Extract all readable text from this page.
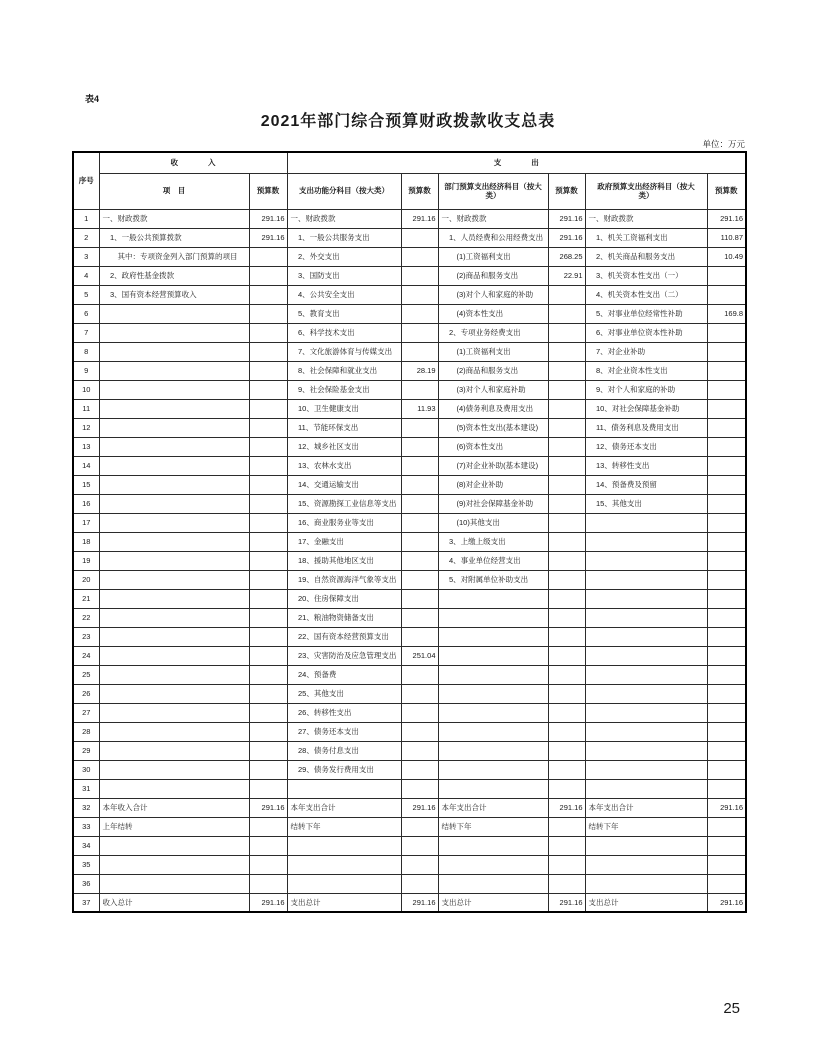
表4
2021年部门综合预算财政拨款收支总表
单位：万元
序号	收　　　　入		支　　　　出					
	项　目	预算数	支出功能分科目（按大类）	预算数	部门预算支出经济科目（按大类）	预算数	政府预算支出经济科目（按大类）	预算数
1	一、财政拨款	291.16	一、财政拨款	291.16	一、财政拨款	291.16	一、财政拨款	291.16
2	　1、一般公共预算拨款	291.16	　1、一般公共服务支出		　1、人员经费和公用经费支出	291.16	　1、机关工资福利支出	110.87
3	　　其中：专项资金列入部门预算的项目		　2、外交支出		　　(1)工资福利支出	268.25	　2、机关商品和服务支出	10.49
4	　2、政府性基金拨款		　3、国防支出		　　(2)商品和服务支出	22.91	　3、机关资本性支出（一）	
5	　3、国有资本经营预算收入		　4、公共安全支出		　　(3)对个人和家庭的补助		　4、机关资本性支出（二）	
6			　5、教育支出		　　(4)资本性支出		　5、对事业单位经常性补助	169.8
7			　6、科学技术支出		　2、专项业务经费支出		　6、对事业单位资本性补助	
8			　7、文化旅游体育与传媒支出		　　(1)工资福利支出		　7、对企业补助	
9			　8、社会保障和就业支出	28.19	　　(2)商品和服务支出		　8、对企业资本性支出	
10			　9、社会保险基金支出		　　(3)对个人和家庭补助		　9、对个人和家庭的补助	
11			　10、卫生健康支出	11.93	　　(4)债务利息及费用支出		　10、对社会保障基金补助	
12			　11、节能环保支出		　　(5)资本性支出(基本建设)		　11、债务利息及费用支出	
13			　12、城乡社区支出		　　(6)资本性支出		　12、债务还本支出	
14			　13、农林水支出		　　(7)对企业补助(基本建设)		　13、转移性支出	
15			　14、交通运输支出		　　(8)对企业补助		　14、预备费及预留	
16			　15、资源勘探工业信息等支出		　　(9)对社会保障基金补助		　15、其他支出	
17			　16、商业服务业等支出		　　(10)其他支出			
18			　17、金融支出		　3、上缴上级支出			
19			　18、援助其他地区支出		　4、事业单位经营支出			
20			　19、自然资源海洋气象等支出		　5、对附属单位补助支出			
21			　20、住房保障支出					
22			　21、粮油物资储备支出					
23			　22、国有资本经营预算支出					
24			　23、灾害防治及应急管理支出	251.04				
25			　24、预备费					
26			　25、其他支出					
27			　26、转移性支出					
28			　27、债务还本支出					
29			　28、债务付息支出					
30			　29、债务发行费用支出					
31								
32	本年收入合计	291.16	本年支出合计	291.16	本年支出合计	291.16	本年支出合计	291.16
33	上年结转		结转下年		结转下年		结转下年	
34								
35								
36								
37	收入总计	291.16	支出总计	291.16	支出总计	291.16	支出总计	291.16
25
